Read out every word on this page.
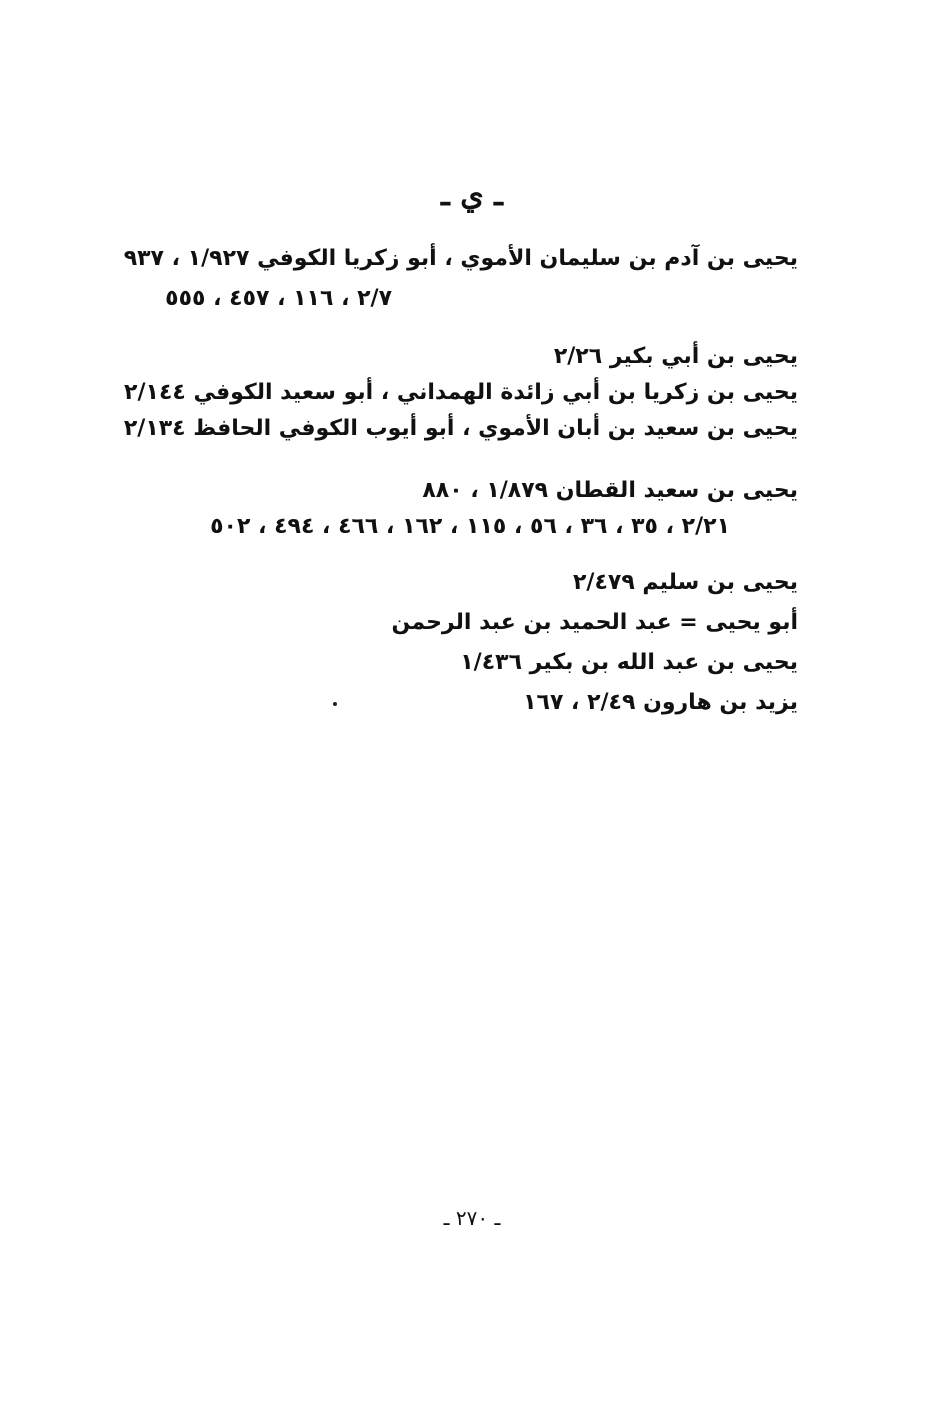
ـ ي ـ
يحيى بن آدم بن سليمان الأموي ، أبو زكريا الكوفي ١/٩٢٧ ، ٩٣٧
٢/٧ ، ١١٦ ، ٤٥٧ ، ٥٥٥
يحيى بن أبي بكير ٢/٢٦
يحيى بن زكريا بن أبي زائدة الهمداني ، أبو سعيد الكوفي ٢/١٤٤
يحيى بن سعيد بن أبان الأموي ، أبو أيوب الكوفي الحافظ ٢/١٣٤
يحيى بن سعيد القطان ١/٨٧٩ ، ٨٨٠
٢/٢١ ، ٣٥ ، ٣٦ ، ٥٦ ، ١١٥ ، ١٦٢ ، ٤٦٦ ، ٤٩٤ ، ٥٠٢
يحيى بن سليم ٢/٤٧٩
أبو يحيى = عبد الحميد بن عبد الرحمن
يحيى بن عبد الله بن بكير ١/٤٣٦
يزيد بن هارون ٢/٤٩ ، ١٦٧
ـ ٢٧٠ ـ
